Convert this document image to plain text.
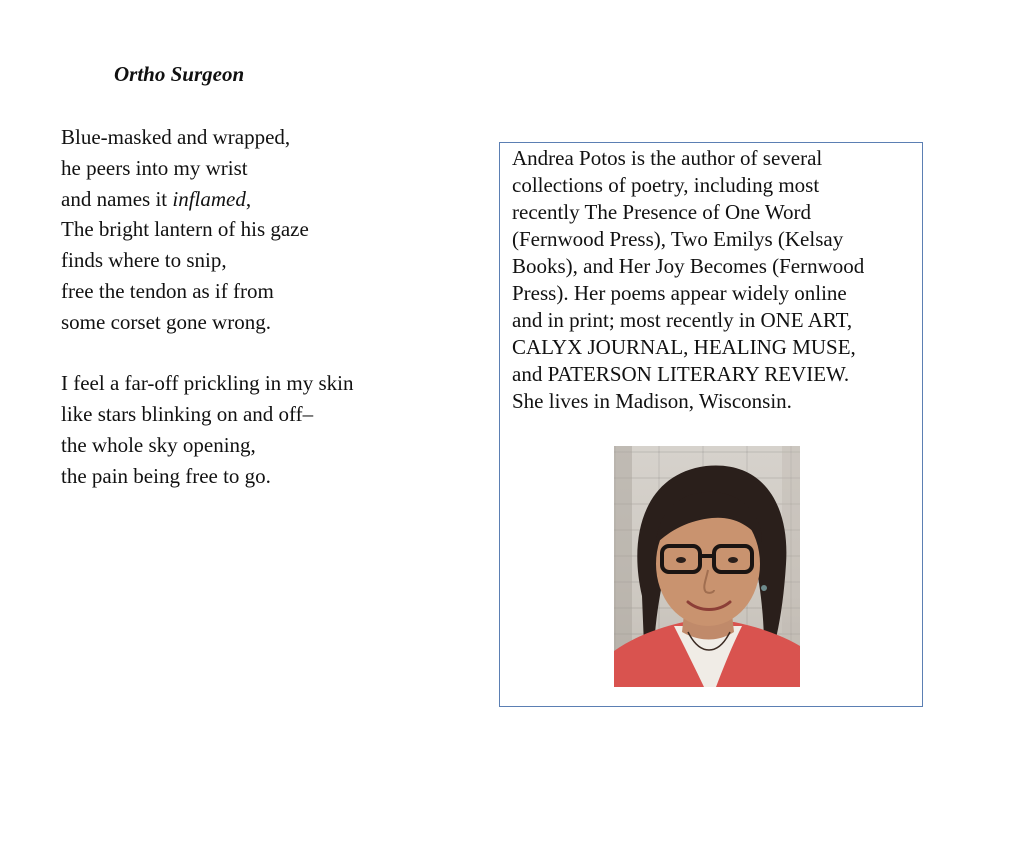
Ortho Surgeon

Blue-masked and wrapped,
he peers into my wrist
and names it inflamed,
The bright lantern of his gaze
finds where to snip,
free the tendon as if from
some corset gone wrong.

I feel a far-off prickling in my skin
like stars blinking on and off–
the whole sky opening,
the pain being free to go.

Andrea Potos is the author of several
collections of poetry, including most
recently The Presence of One Word
(Fernwood Press), Two Emilys (Kelsay
Books), and Her Joy Becomes (Fernwood
Press). Her poems appear widely online
and in print; most recently in ONE ART,
CALYX JOURNAL, HEALING MUSE,
and PATERSON LITERARY REVIEW.
She lives in Madison, Wisconsin.
